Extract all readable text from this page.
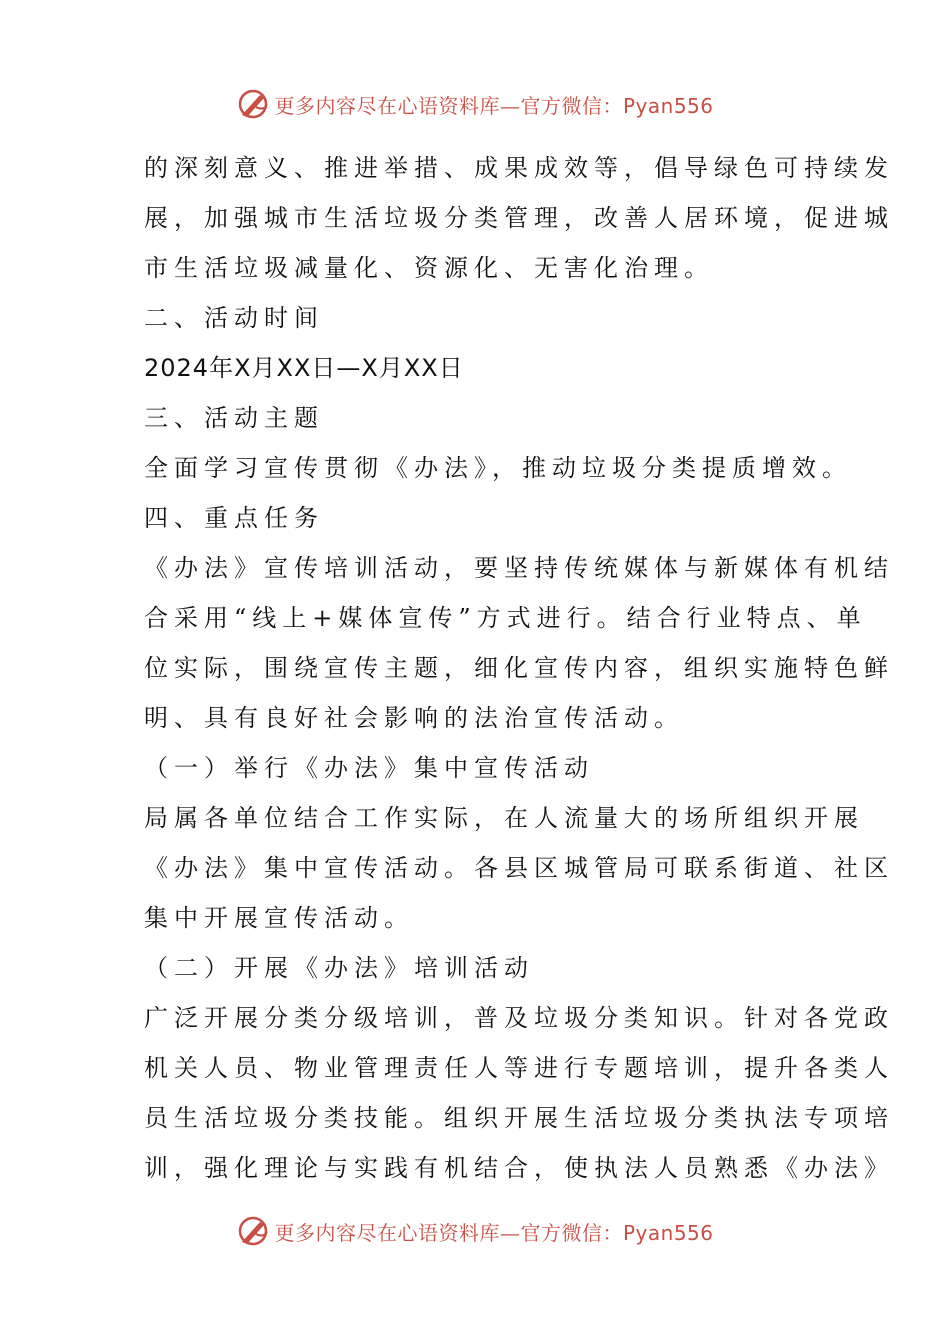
更多内容尽在心语资料库—官方微信：Pyan556

的深刻意义、推进举措、成果成效等，倡导绿色可持续发

展，加强城市生活垃圾分类管理，改善人居环境，促进城

市生活垃圾减量化、资源化、无害化治理。

二、活动时间

2024年X月XX日—X月XX日

三、活动主题

全面学习宣传贯彻《办法》，推动垃圾分类提质增效。

四、重点任务

《办法》宣传培训活动，要坚持传统媒体与新媒体有机结

合采用“线上+媒体宣传”方式进行。结合行业特点、单

位实际，围绕宣传主题，细化宣传内容，组织实施特色鲜

明、具有良好社会影响的法治宣传活动。

（一）举行《办法》集中宣传活动

局属各单位结合工作实际，在人流量大的场所组织开展

《办法》集中宣传活动。各县区城管局可联系街道、社区

集中开展宣传活动。

（二）开展《办法》培训活动

广泛开展分类分级培训，普及垃圾分类知识。针对各党政

机关人员、物业管理责任人等进行专题培训，提升各类人

员生活垃圾分类技能。组织开展生活垃圾分类执法专项培

训，强化理论与实践有机结合，使执法人员熟悉《办法》

更多内容尽在心语资料库—官方微信：Pyan556
